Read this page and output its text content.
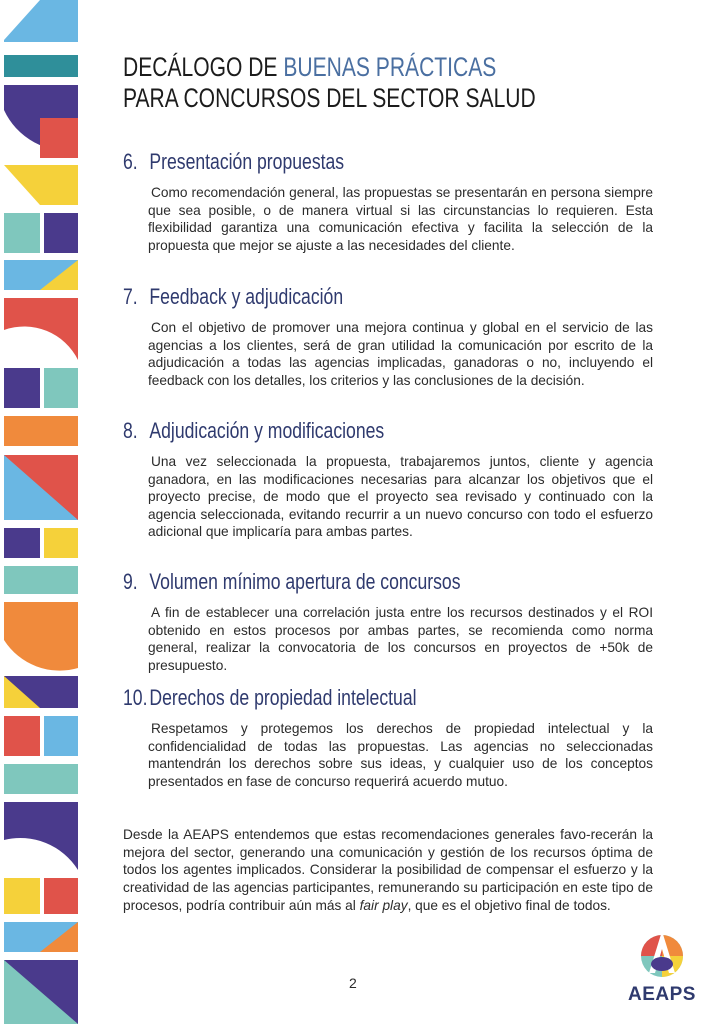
DECÁLOGO DE BUENAS PRÁCTICAS
PARA CONCURSOS DEL SECTOR SALUD
6. Presentación propuestas
Como recomendación general, las propuestas se presentarán en persona siempre que sea posible, o de manera virtual si las circunstancias lo requieren. Esta flexibilidad garantiza una comunicación efectiva y facilita la selección de la propuesta que mejor se ajuste a las necesidades del cliente.
7. Feedback y adjudicación
Con el objetivo de promover una mejora continua y global en el servicio de las agencias a los clientes, será de gran utilidad la comunicación por escrito de la adjudicación a todas las agencias implicadas, ganadoras o no, incluyendo el feedback con los detalles, los criterios y las conclusiones de la decisión.
8. Adjudicación y modificaciones
Una vez seleccionada la propuesta, trabajaremos juntos, cliente y agencia ganadora, en las modificaciones necesarias para alcanzar los objetivos que el proyecto precise, de modo que el proyecto sea revisado y continuado con la agencia seleccionada, evitando recurrir a un nuevo concurso con todo el esfuerzo adicional que implicaría para ambas partes.
9. Volumen mínimo apertura de concursos
A fin de establecer una correlación justa entre los recursos destinados y el ROI obtenido en estos procesos por ambas partes, se recomienda como norma general, realizar la convocatoria de los concursos en proyectos de +50k de presupuesto.
10.Derechos de propiedad intelectual
Respetamos y protegemos los derechos de propiedad intelectual y la confidencialidad de todas las propuestas. Las agencias no seleccionadas mantendrán los derechos sobre sus ideas, y cualquier uso de los conceptos presentados en fase de concurso requerirá acuerdo mutuo.
Desde la AEAPS entendemos que estas recomendaciones generales favo-recerán la mejora del sector, generando una comunicación y gestión de los recursos óptima de todos los agentes implicados. Considerar la posibilidad de compensar el esfuerzo y la creatividad de las agencias participantes, remunerando su participación en este tipo de procesos, podría contribuir aún más al fair play, que es el objetivo final de todos.
2
AEAPS
